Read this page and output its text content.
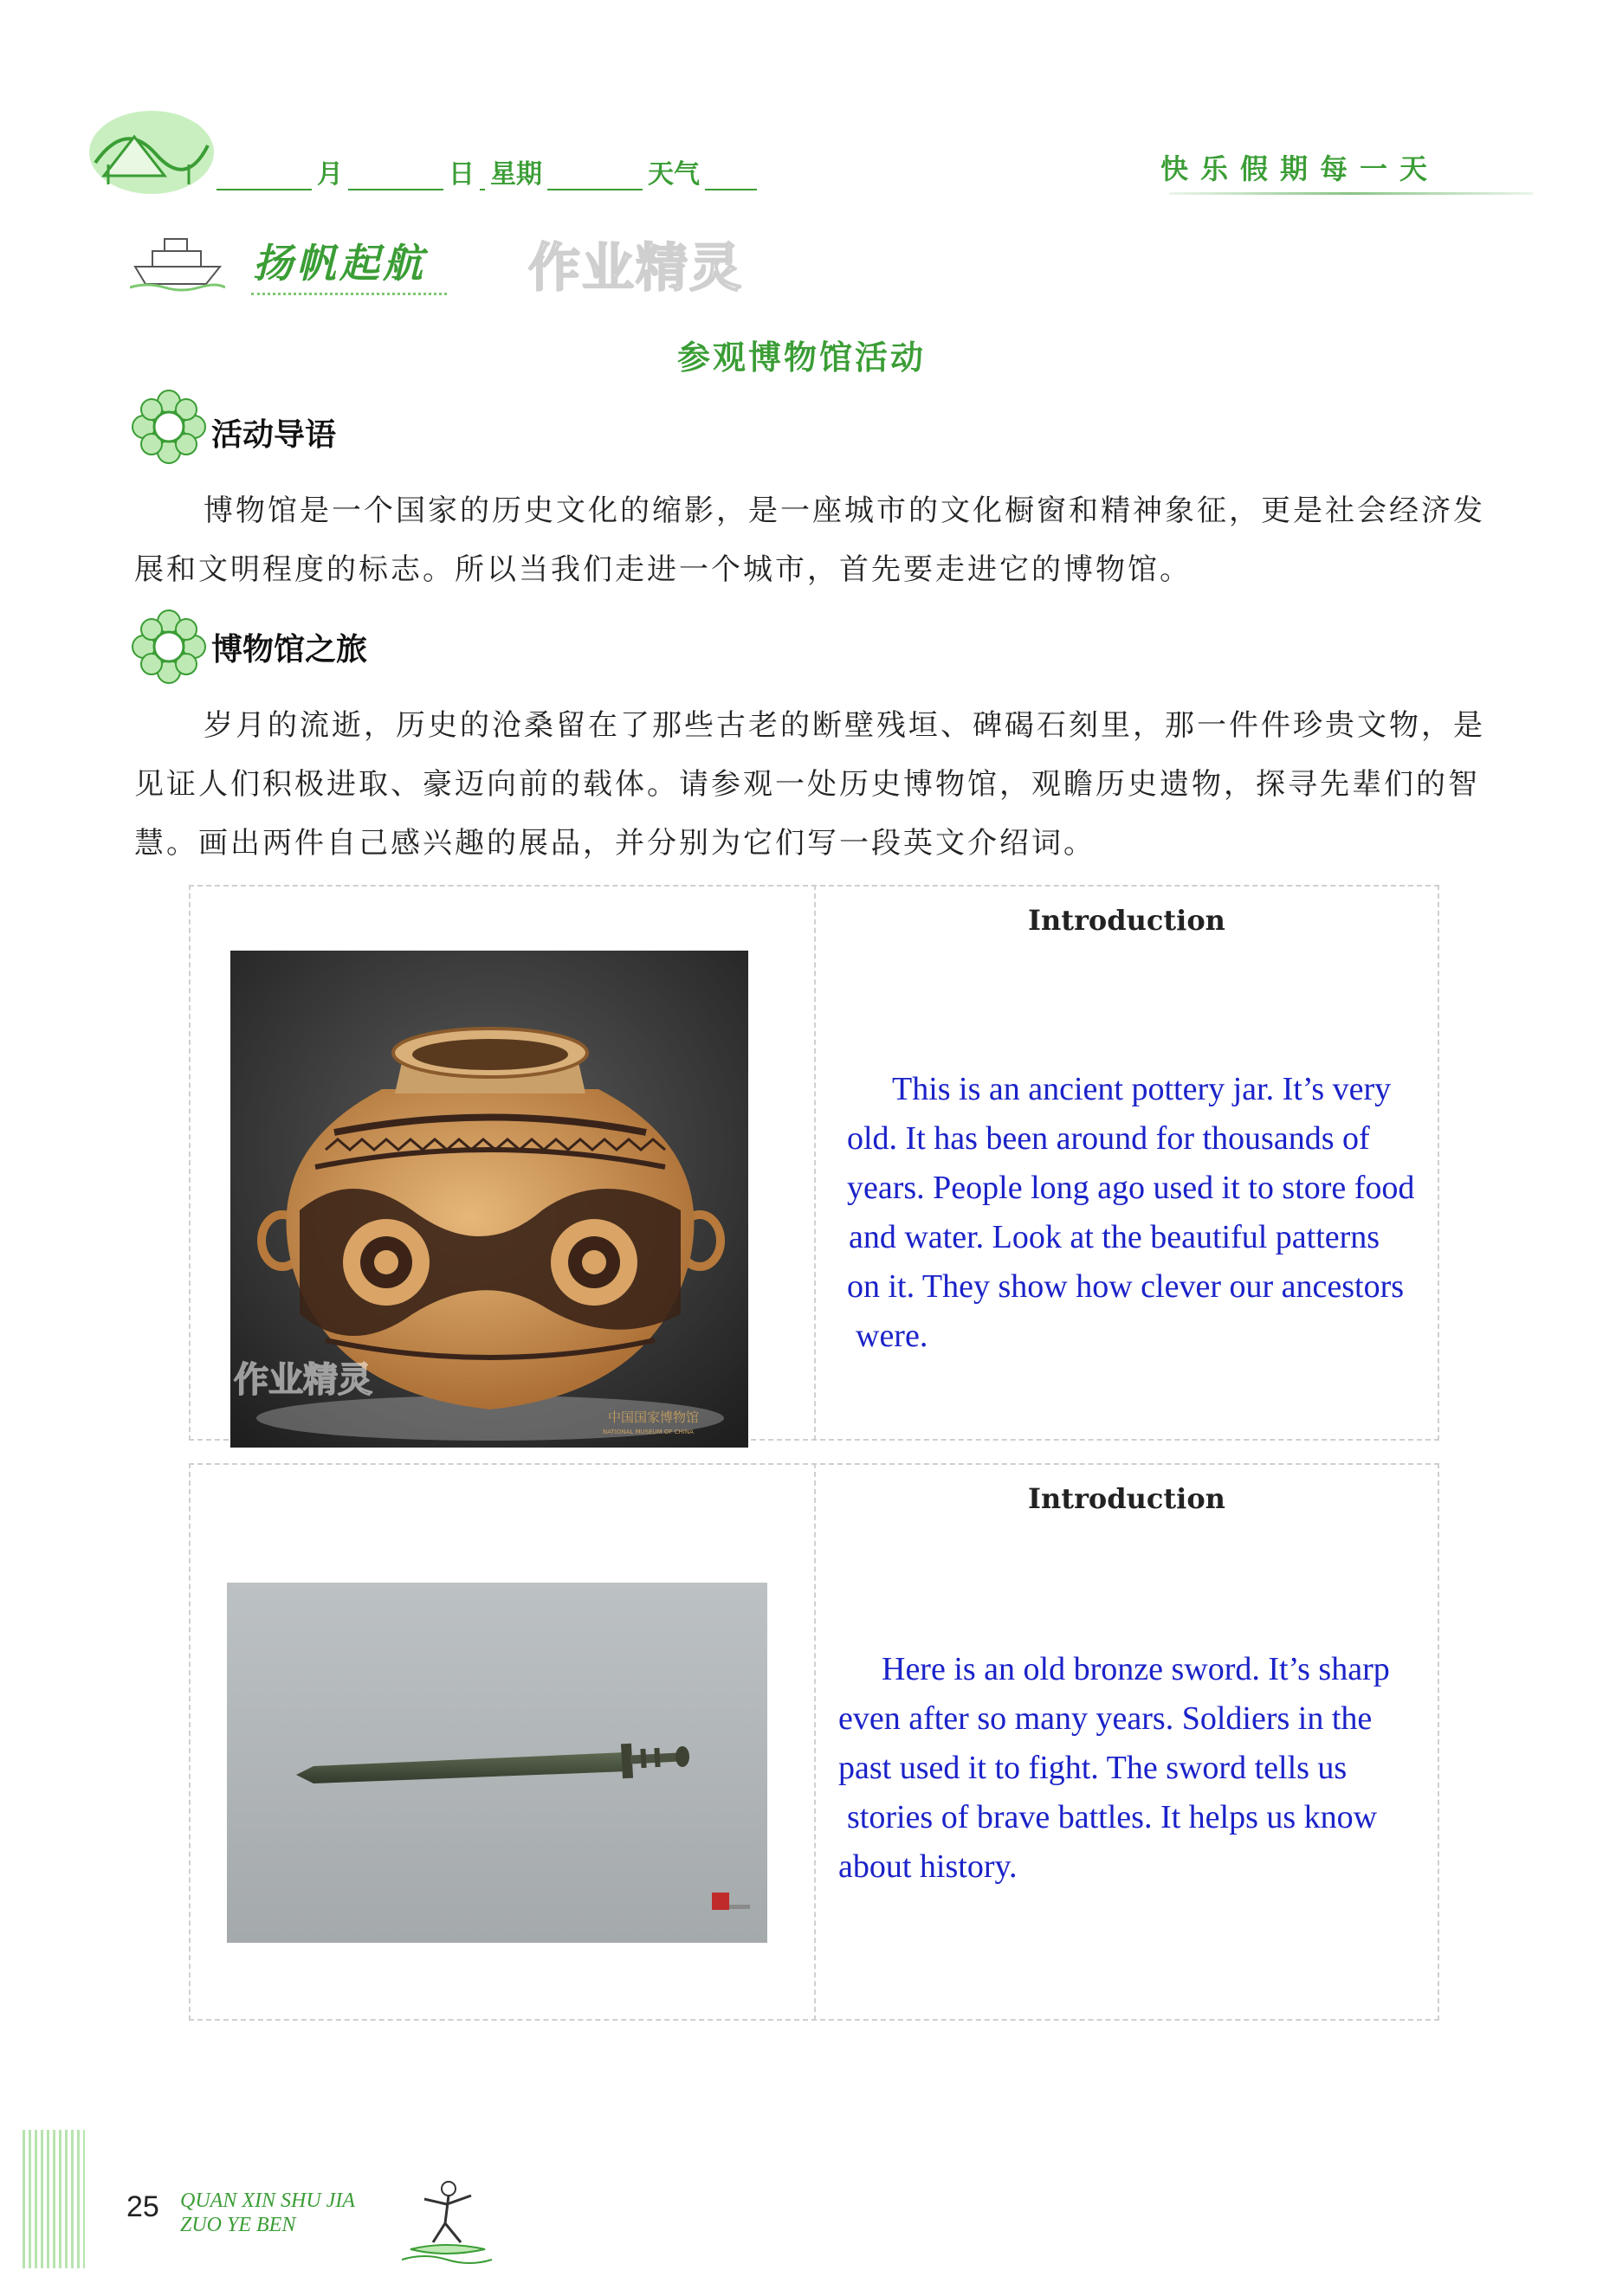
月	日 星期	天气	快乐假期每一天
扬帆起航 作业精灵
参观博物馆活动
活动导语
博物馆是一个国家的历史文化的缩影，是一座城市的文化橱窗和精神象征，更是社会经济发展和文明程度的标志。所以当我们走进一个城市，首先要走进它的博物馆。
博物馆之旅
岁月的流逝，历史的沧桑留在了那些古老的断壁残垣、碑碣石刻里，那一件件珍贵文物，是见证人们积极进取、豪迈向前的载体。请参观一处历史博物馆，观瞻历史遗物，探寻先辈们的智慧。画出两件自己感兴趣的展品，并分别为它们写一段英文介绍词。
作业精灵
中国国家博物馆
NATIONAL MUSEUM OF CHINA
Introduction
This is an ancient pottery jar. It’s very
old. It has been around for thousands of
years. People long ago used it to store food
and water. Look at the beautiful patterns
on it. They show how clever our ancestors
were.
Introduction
Here is an old bronze sword. It’s sharp
even after so many years. Soldiers in the
past used it to fight. The sword tells us
stories of brave battles. It helps us know
about history.
25 QUAN XIN SHU JIA
ZUO YE BEN
